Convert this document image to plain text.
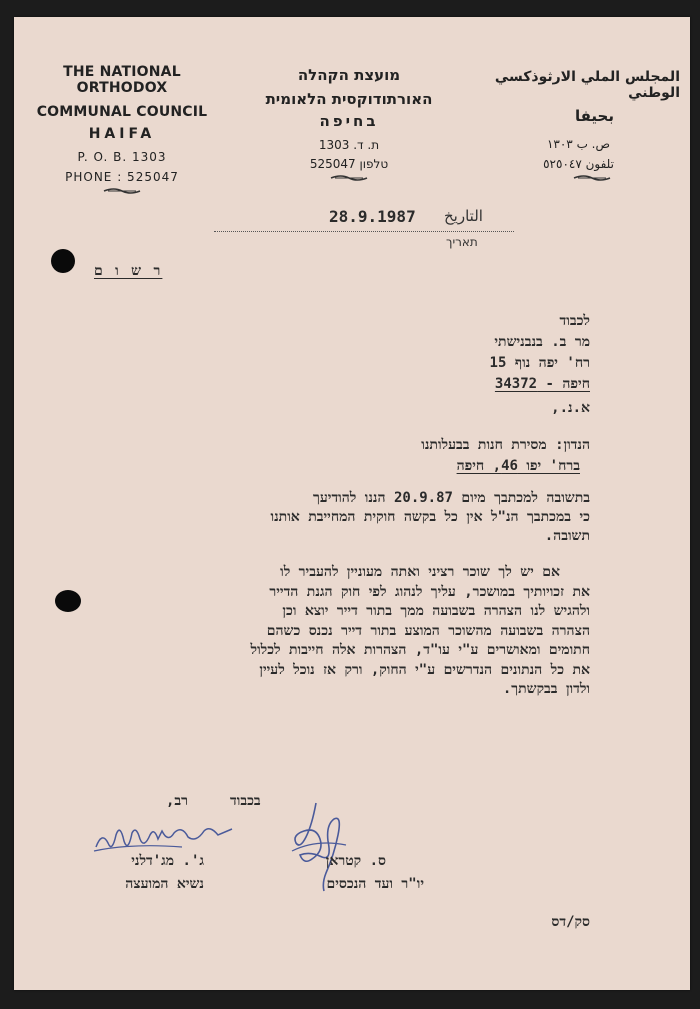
THE NATIONAL ORTHODOX
COMMUNAL COUNCIL
HAIFA
P. O. B. 1303
PHONE : 525047
מועצת הקהלה
האורתודוקסית הלאומית
בחיפה
ת. ד. 1303
טלפון 525047
المجلس الملي الارثوذكسي الوطني
بحيفا
ص. ب ١٣٠٣
تلفون ٥٢٥٠٤٧
28.9.1987 التاريخ
תאריך
ר ש ו ם
לכבוד
מר ב. בנבנישתי
רח' יפה נוף 15
חיפה - 34372
א.נ.,
הנדון: מסירת חנות בבעלותנו
ברח' יפו 46, חיפה
בתשובה למכתבך מיום 20.9.87 הננו להודיעך
כי במכתבך הנ"ל אין כל בקשה חוקית המחייבת אותנו
תשובה.
אם יש לך שוכר רציני ואתה מעוניין להעביר לו
את זכויותיך במושכר, עליך לנהוג לפי חוק הגנת הדייר
ולהגיש לנו הצהרה בשבועה ממך בתור דייר יוצא וכן
הצהרה בשבועה מהשוכר המוצע בתור דייר נכנס כשהם
חתומים ומאושרים ע"י עו"ד, הצהרות אלה חייבות לכלול
את כל הנתונים הנדרשים ע"י החוק, ורק אז נוכל לעיין
ולדון בבקשתך.
בכבוד
רב,
ס. קטראן
יו"ר ועד הנכסים
ג'. מג'דלני
נשיא המועצה
סק/דס
